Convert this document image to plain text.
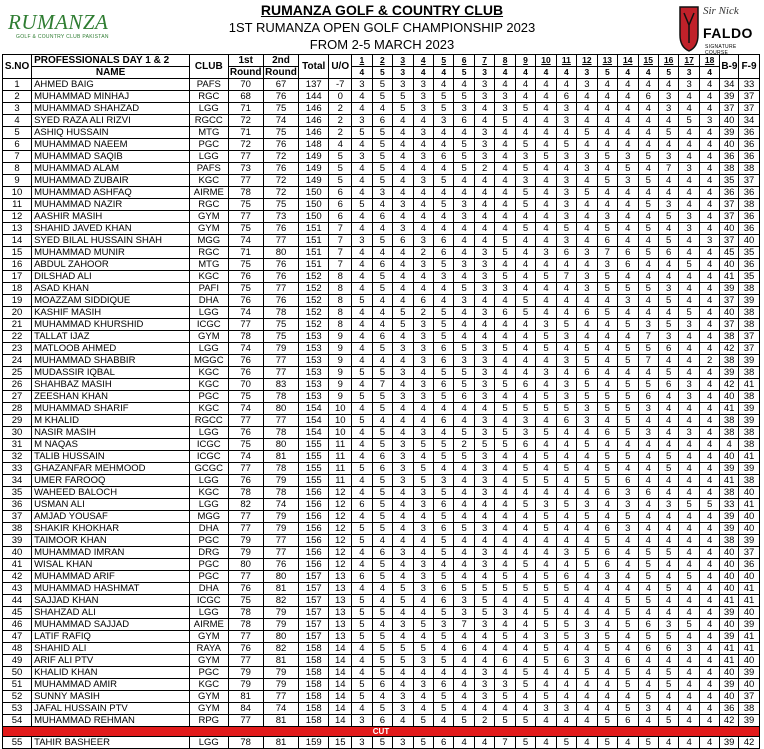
RUMANZA
GOLF & COUNTRY CLUB PAKISTAN
RUMANZA GOLF & COUNTRY CLUB
1ST RUMANZA OPEN GOLF CHAMPIONSHIP 2023
FROM 2-5 MARCH 2023
Sir Nick
FALDO
SIGNATURE COURSE
S.NO	PROFESSIONALS DAY 1 & 2	CLUB	1st	2nd	Total	U/O	1	2	3	4	5	6	7	8	9	10	11	12	13	14	15	16	17	18	B-9	F-9
	NAME		Round	Round			4	5	3	4	4	5	3	4	4	4	4	3	5	4	4	5	3	4		
1	AHMED BAIG	PAFS	70	67	137	-7	3	5	3	3	4	4	3	4	4	4	4	3	4	4	4	4	3	4	34	33
2	MUHAMMAD MINHAJ	RGC	68	76	144	0	4	5	5	3	5	5	3	3	4	4	6	4	4	4	6	3	4	4	39	37
3	MUHAMMAD SHAHZAD	LGG	71	75	146	2	4	4	5	3	5	3	4	3	5	4	3	4	4	4	4	3	4	4	37	37
4	SYED RAZA ALI RIZVI	RGCC	72	74	146	2	3	6	4	4	3	6	4	5	4	4	3	4	4	4	4	4	5	3	40	34
5	ASHIQ HUSSAIN	MTG	71	75	146	2	5	5	4	3	4	4	3	4	4	4	4	5	4	4	4	5	4	4	39	36
6	MUHAMMAD NAEEM	PGC	72	76	148	4	4	5	4	4	4	5	3	4	5	4	5	4	4	4	4	4	4	4	40	36
7	MUHAMMAD SAQIB	LGG	77	72	149	5	3	5	4	3	6	5	3	4	3	5	3	3	5	3	5	3	4	4	36	36
8	MUHAMMAD ALAM	PAFS	73	76	149	5	4	5	4	4	4	5	2	4	5	4	4	3	4	5	4	7	3	4	38	38
9	MUHAMMAD ZUBAIR	KGC	77	72	149	5	4	5	4	3	5	4	4	4	3	4	3	4	5	3	5	4	4	4	35	37
10	MUHAMMAD ASHFAQ	AIRME	78	72	150	6	4	3	4	4	4	4	4	4	5	4	3	5	4	4	4	4	4	4	36	36
11	MUHAMMAD NAZIR	RGC	75	75	150	6	5	4	3	4	5	3	4	4	5	4	3	4	4	4	5	3	4	4	37	38
12	AASHIR MASIH	GYM	77	73	150	6	4	6	4	4	4	3	4	4	4	4	3	4	3	4	4	5	3	4	37	36
13	SHAHID JAVED KHAN	GYM	75	76	151	7	4	4	3	4	4	4	4	4	5	4	5	4	5	4	5	4	3	4	40	36
14	SYED BILAL HUSSAIN SHAH	MGG	74	77	151	7	3	5	6	3	6	4	4	5	4	4	3	4	6	4	4	5	4	3	37	40
15	MUHAMMAD MUNIR	RGC	71	80	151	7	4	4	4	2	6	4	3	5	4	3	6	3	7	6	5	6	4	4	45	35
16	ABDUL ZAHOOR	MTG	75	76	151	7	4	6	4	3	5	3	3	4	4	4	4	4	3	6	4	4	5	4	40	36
17	DILSHAD ALI	KGC	76	76	152	8	4	5	4	4	3	4	3	5	4	5	7	3	5	4	4	4	4	4	41	35
18	ASAD KHAN	PAFI	75	77	152	8	4	5	4	4	4	5	3	3	4	4	4	3	5	5	5	3	4	4	39	38
19	MOAZZAM SIDDIQUE	DHA	76	76	152	8	5	4	4	6	4	3	4	4	5	4	4	4	4	3	4	5	4	4	37	39
20	KASHIF MASIH	LGG	74	78	152	8	4	4	5	2	5	4	3	6	5	4	4	6	5	4	4	4	5	4	40	38
21	MUHAMMAD KHURSHID	ICGC	77	75	152	8	4	4	5	3	5	4	4	4	4	3	5	4	4	5	3	5	3	4	37	38
22	TALLAT IJAZ	GYM	78	75	153	9	4	6	4	3	5	4	4	4	4	5	3	4	4	4	7	3	4	4	38	37
23	MATLOOB AHMED	LGG	74	79	153	9	4	5	3	3	6	5	3	5	4	5	4	5	4	5	5	6	4	4	42	37
24	MUHAMMAD SHABBIR	MGGC	76	77	153	9	4	4	4	3	6	3	3	4	4	4	3	5	4	5	7	4	4	2	38	39
25	MUDASSIR IQBAL	KGC	76	77	153	9	5	5	3	4	5	5	3	4	4	3	4	6	4	4	4	5	4	4	39	38
26	SHAHBAZ MASIH	KGC	70	83	153	9	4	7	4	3	6	5	3	5	6	4	3	5	4	5	5	6	3	4	42	41
27	ZEESHAN KHAN	PGC	75	78	153	9	5	5	3	3	5	6	3	4	4	5	3	5	5	5	6	4	3	4	40	38
28	MUHAMMAD SHARIF	KGC	74	80	154	10	4	5	4	4	4	4	4	5	5	5	5	3	5	5	3	4	4	4	41	39
29	M KHALID	RGCC	77	77	154	10	5	4	4	4	6	4	3	4	3	4	6	3	4	5	4	4	4	4	38	39
30	NASIR MASIH	LGG	76	78	154	10	4	5	4	3	4	5	3	5	3	5	4	4	6	5	3	4	3	4	38	38
31	M NAQAS	ICGC	75	80	155	11	4	5	3	5	5	2	5	5	6	4	4	5	4	4	4	4	4	4	4	38
32	TALIB HUSSAIN	ICGC	74	81	155	11	4	6	3	4	5	5	3	4	4	5	4	4	5	5	4	5	4	4	40	41
33	GHAZANFAR MEHMOOD	GCGC	77	78	155	11	5	6	3	5	4	4	3	4	5	4	5	4	5	4	4	5	4	4	39	39
34	UMER FAROOQ	LGG	76	79	155	11	4	5	3	5	3	4	3	4	5	5	4	5	5	6	4	4	4	4	41	38
35	WAHEED BALOCH	KGC	78	78	156	12	4	5	4	3	5	4	3	4	4	4	4	4	6	3	6	4	4	4	38	40
36	USMAN ALI	LGG	82	74	156	12	6	5	4	3	6	4	4	4	5	3	5	3	4	3	4	3	5	5	33	41
37	AMJAD YOUSAF	MGG	77	79	156	12	4	5	4	4	5	4	4	4	4	5	4	5	4	5	4	4	4	4	39	40
38	SHAKIR KHOKHAR	DHA	77	79	156	12	5	5	4	3	6	5	3	4	4	5	4	4	6	3	4	4	4	4	39	40
39	TAIMOOR KHAN	PGC	79	77	156	12	5	4	4	4	5	4	4	4	4	4	4	4	5	4	4	4	4	4	38	39
40	MUHAMMAD IMRAN	DRG	79	77	156	12	4	6	3	4	5	4	3	4	4	4	3	5	6	4	5	5	4	4	40	37
41	WISAL KHAN	PGC	80	76	156	12	4	5	4	3	4	4	3	4	5	4	4	5	6	4	5	4	4	4	40	36
42	MUHAMMAD ARIF	PGC	77	80	157	13	6	5	4	3	5	4	4	5	4	5	6	4	3	4	5	4	5	4	40	40
43	MUHAMMAD HASHMAT	DHA	76	81	157	13	4	4	5	3	6	5	5	5	5	5	5	4	4	4	4	5	4	4	40	41
44	SAJJAD KHAN	ICGC	75	82	157	13	5	4	5	4	6	3	5	4	4	5	4	4	4	5	5	4	4	4	41	41
45	SHAHZAD ALI	LGG	78	79	157	13	5	5	4	4	5	3	5	3	4	5	4	4	4	5	4	4	4	4	39	40
46	MUHAMMAD SAJJAD	AIRME	78	79	157	13	5	4	3	5	3	7	3	4	4	5	5	3	4	5	6	3	5	4	40	39
47	LATIF RAFIQ	GYM	77	80	157	13	5	5	4	4	5	4	4	5	4	3	5	3	5	4	5	5	4	4	39	41
48	SHAHID ALI	RAYA	76	82	158	14	4	5	5	5	4	6	4	4	4	5	4	4	5	4	6	6	3	4	41	41
49	ARIF ALI PTV	GYM	77	81	158	14	4	5	5	3	5	4	4	6	4	5	6	3	4	6	4	4	4	4	41	40
50	KHALID KHAN	PGC	79	79	158	14	4	5	4	4	4	4	3	4	5	4	4	5	4	5	4	5	4	4	40	39
51	MUHAMMAD AMIR	KGC	79	79	158	14	5	6	4	3	6	4	3	3	5	4	4	4	4	5	4	5	4	4	39	40
52	SUNNY MASIH	GYM	81	77	158	14	5	4	3	4	5	4	3	5	4	5	4	4	4	4	5	4	4	4	40	37
53	JAFAL HUSSAIN PTV	GYM	84	74	158	14	4	5	3	4	5	4	4	4	4	3	3	4	4	5	3	4	4	4	36	38
54	MUHAMMAD REHMAN	RPG	77	81	158	14	3	6	4	5	4	5	2	5	5	4	4	4	5	6	4	5	4	4	42	39
CUT																										
55	TAHIR BASHEER	LGG	78	81	159	15	3	5	3	5	6	4	4	7	5	4	5	4	5	4	5	4	4	4	39	42
